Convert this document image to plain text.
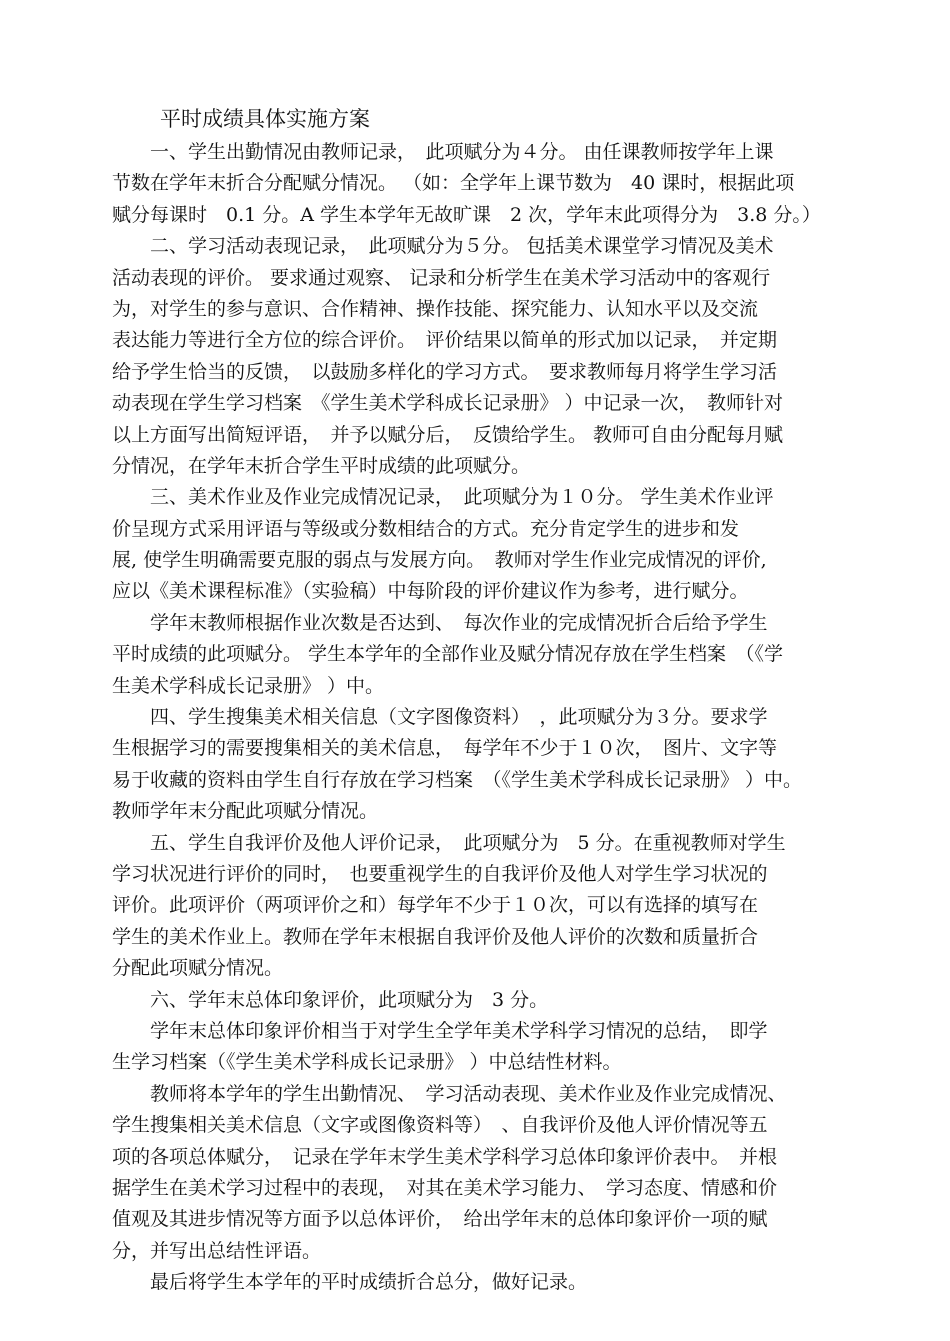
平时成绩具体实施方案
　　一、学生出勤情况由教师记录，　此项赋分为４分。 由任课教师按学年上课
节数在学年末折合分配赋分情况。 （如：全学年上课节数为　40 课时，根据此项
赋分每课时　0.1 分。A 学生本学年无故旷课　2 次，学年末此项得分为　3.8 分。）
　　二、学习活动表现记录，　此项赋分为５分。 包括美术课堂学习情况及美术
活动表现的评价。 要求通过观察、 记录和分析学生在美术学习活动中的客观行
为，对学生的参与意识、合作精神、操作技能、探究能力、认知水平以及交流
表达能力等进行全方位的综合评价。　评价结果以简单的形式加以记录，　并定期
给予学生恰当的反馈，　以鼓励多样化的学习方式。　要求教师每月将学生学习活
动表现在学生学习档案　《学生美术学科成长记录册》 ）中记录一次，　教师针对
以上方面写出简短评语，　并予以赋分后，　反馈给学生。 教师可自由分配每月赋
分情况，在学年末折合学生平时成绩的此项赋分。
　　三、美术作业及作业完成情况记录，　此项赋分为１０分。 学生美术作业评
价呈现方式采用评语与等级或分数相结合的方式。充分肯定学生的进步和发
展, 使学生明确需要克服的弱点与发展方向。　教师对学生作业完成情况的评价,
应以《美术课程标准》（实验稿）中每阶段的评价建议作为参考，进行赋分。
　　学年末教师根据作业次数是否达到、　每次作业的完成情况折合后给予学生
平时成绩的此项赋分。 学生本学年的全部作业及赋分情况存放在学生档案　（《学
生美术学科成长记录册》 ）中。
　　四、学生搜集美术相关信息（文字图像资料）　，此项赋分为３分。要求学
生根据学习的需要搜集相关的美术信息，　每学年不少于１０次，　图片、文字等
易于收藏的资料由学生自行存放在学习档案　（《学生美术学科成长记录册》 ）中。
教师学年末分配此项赋分情况。
　　五、学生自我评价及他人评价记录，　此项赋分为　5 分。在重视教师对学生
学习状况进行评价的同时，　也要重视学生的自我评价及他人对学生学习状况的
评价。此项评价（两项评价之和）每学年不少于１０次，可以有选择的填写在
学生的美术作业上。教师在学年末根据自我评价及他人评价的次数和质量折合
分配此项赋分情况。
　　六、学年末总体印象评价，此项赋分为　3 分。
　　学年末总体印象评价相当于对学生全学年美术学科学习情况的总结，　即学
生学习档案（《学生美术学科成长记录册》 ）中总结性材料。
　　教师将本学年的学生出勤情况、　学习活动表现、美术作业及作业完成情况、
学生搜集相关美术信息（文字或图像资料等）　、自我评价及他人评价情况等五
项的各项总体赋分，　记录在学年末学生美术学科学习总体印象评价表中。　并根
据学生在美术学习过程中的表现，　对其在美术学习能力、　学习态度、情感和价
值观及其进步情况等方面予以总体评价，　给出学年末的总体印象评价一项的赋
分，并写出总结性评语。
　　最后将学生本学年的平时成绩折合总分，做好记录。
